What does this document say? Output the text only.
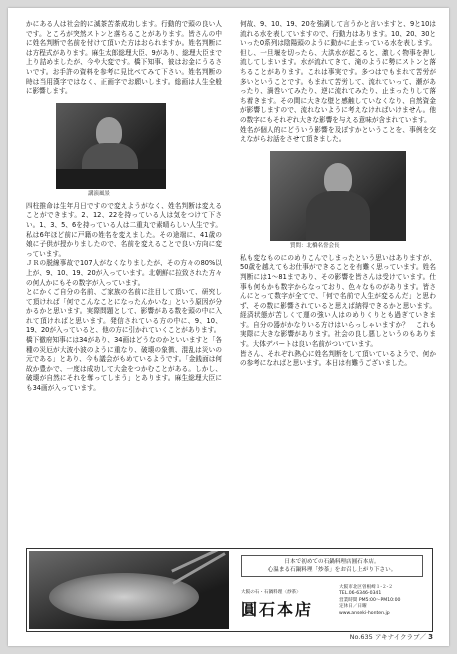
かにある人は社会的に滅茶苦茶成功します。行動的で頭の良い人です。ところが突然ストンと落ちることがあります。皆さんの中に姓名判断で名前を付けて頂いた方はおられますか。姓名判断には方程式があります。麻生太郎総理大臣、9があり、総理大臣まで上り詰めましたが、今や大変です。橋下知事、彼はお金にうるさいです。お手許の資料を参考に見比べてみて下さい。姓名判断の時は当用漢字ではなく、正画字でお願いします。総画は人生全般に影響します。

講演風景

四柱推命は生年月日ですので変えようがなく、姓名判断は変えることができます。2、12、22を持っている人は気をつけて下さい。1、3、5、6を持っている人は二重丸で素晴らしい人生です。私は6年ほど前に戸籍の姓名を変えました。その途端に、41歳の娘に子供が授かりましたので、名前を変えることで良い方向に変っています。

ＪＲの脱線事故で107人がなくなりましたが、その方々の80%以上が、9、10、19、20が入っています。北朝鮮に拉致された方々の何人かにもその数字が入っています。

とにかくご自分の名前、ご家族の名前に注目して頂いて、研究して頂ければ「何でこんなことになったんかいな」という原因が分かるかと思います。実際問題として、影響がある数を頭の中に入れて頂ければと思います。発信されている方の中に、9、10、19、20が入っていると、他の方に引かれていくことがあります。

橋下徹府知事には34があり、34画はどうなのかといいますと「各種の災厄が大波小波のように重なり、破壊の象徴、混乱は災いの元である」とあり、今も議会がもめているようです。「金銭面は何故か豊かで、一度は成功して大金をつかむことがある。しかし、破壊が自然にそれを奪ってしまう」とあります。麻生総理大臣にも34画が入っています。

何故、9、10、19、20を強調して言うかと言いますと、9と10は流れる水を表していますので、行動力はあります。10、20、30といった0系列は陰陽頭のように動かに止まっている水を表します。但し、一旦堰を切ったら、大洪水が起こると、激しく物事を押し流してしまいます。水が流れてきて、滝のように勢にストンと落ちることがあります。これは事実です。多つはでもまれて苦労が多いということです。もまれて苦労して、流れていって、瀬があったり、渦巻いてみたり、逆に流れてみたり、止まったりして落ち着きます。その間に大きな壁と感触していなくなり、自然資金が影響しますので、流れないように考えなければいけません。他の数字にもそれぞれ大きな影響を与える意味が含まれています。

姓名が個人的にどういう影響を及ぼすかということを、事例を交えながらお話をさせて頂きました。

質問：北橋名誉会長

私も変なものにのめりこんでしまったという思いはありますが、50歳を越えてもお仕事ができることを有難く思っています。姓名判断には1〜81まであり、その影響を皆さんは受けています。仕事も何もかも数字からなっており、色々なものがあります。皆さんにとって数字が全てで、「何で名前で人生が変るんだ」と思わず、その数に影響されていると思えば納得できるかと思います。経済状態が苦しくて運の強い人はのめりくりとも過ぎていきます。自分の器がかなりいる方けはいらっしゃいますか？　これも実際に大きな影響があります。社会の良し悪しというのもあります。大体デパートは良い名前がついています。

皆さん、それぞれ熱心に姓名判断をして頂いているようで、何かの参考になればと思います。本日は有難うございました。

日本で初めての石鍋料理店圓石本店。
心温まる石鍋料理「炒茶」をお召し上がり下さい。
大阪の石・石鍋料理〈炒茶〉
圓石本店
大阪市北区曽根崎１-２-２
TEL.06-6346-0341
営業時間 PM5:00〜PM10:00
定休日／日曜
www.anseki-honten.jp
No.635 アキナイクラブ／ 3
